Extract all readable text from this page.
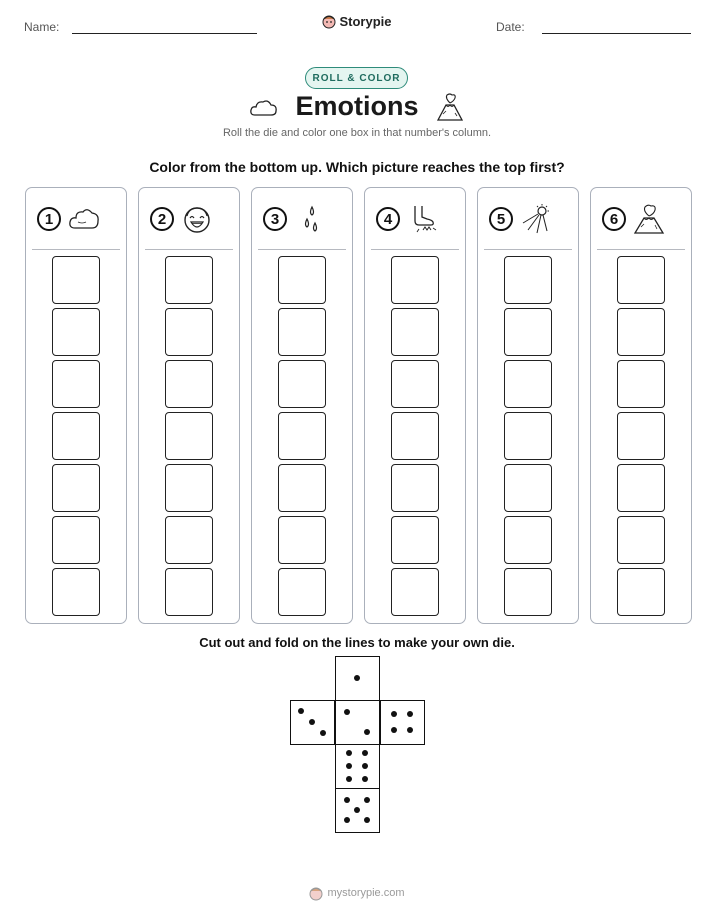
Name:	Storypie	Date:
ROLL & COLOR
Emotions
Roll the die and color one box in that number's column.
Color from the bottom up. Which picture reaches the top first?
1	2	3	4	5	6
Cut out and fold on the lines to make your own die.
mystorypie.com
